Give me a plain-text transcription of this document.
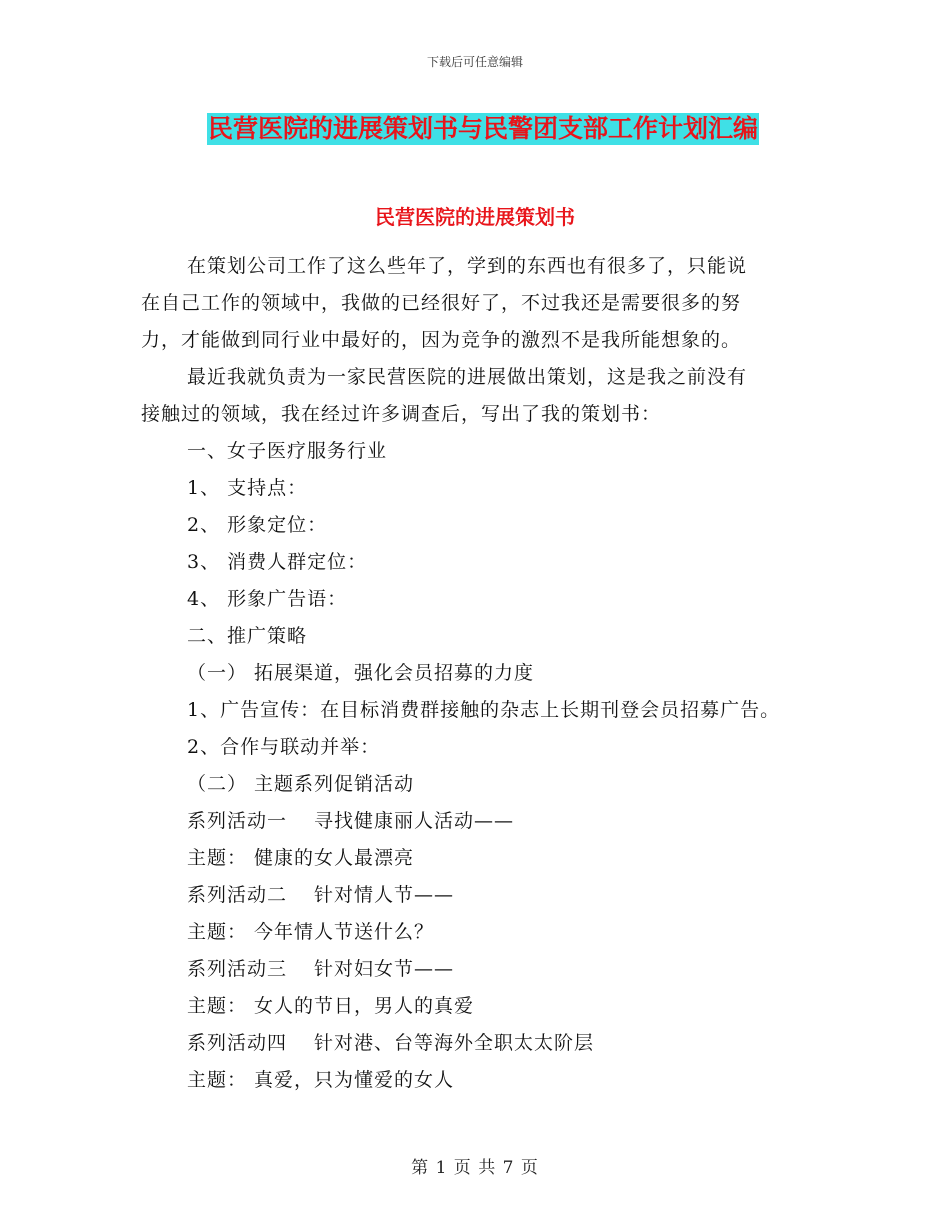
下载后可任意编辑
民营医院的进展策划书与民警团支部工作计划汇编
民营医院的进展策划书
在策划公司工作了这么些年了，学到的东西也有很多了，只能说
在自己工作的领域中，我做的已经很好了，不过我还是需要很多的努
力，才能做到同行业中最好的，因为竞争的激烈不是我所能想象的。
最近我就负责为一家民营医院的进展做出策划，这是我之前没有
接触过的领域，我在经过许多调查后，写出了我的策划书：
一、女子医疗服务行业
1、 支持点：
2、 形象定位：
3、 消费人群定位：
4、 形象广告语：
二、推广策略
（一） 拓展渠道，强化会员招募的力度
1、广告宣传：在目标消费群接触的杂志上长期刊登会员招募广告。
2、合作与联动并举：
（二） 主题系列促销活动
系列活动一　 寻找健康丽人活动——
主题： 健康的女人最漂亮
系列活动二　 针对情人节——
主题： 今年情人节送什么？
系列活动三　 针对妇女节——
主题： 女人的节日，男人的真爱
系列活动四　 针对港、台等海外全职太太阶层
主题： 真爱，只为懂爱的女人
第 1 页 共 7 页
